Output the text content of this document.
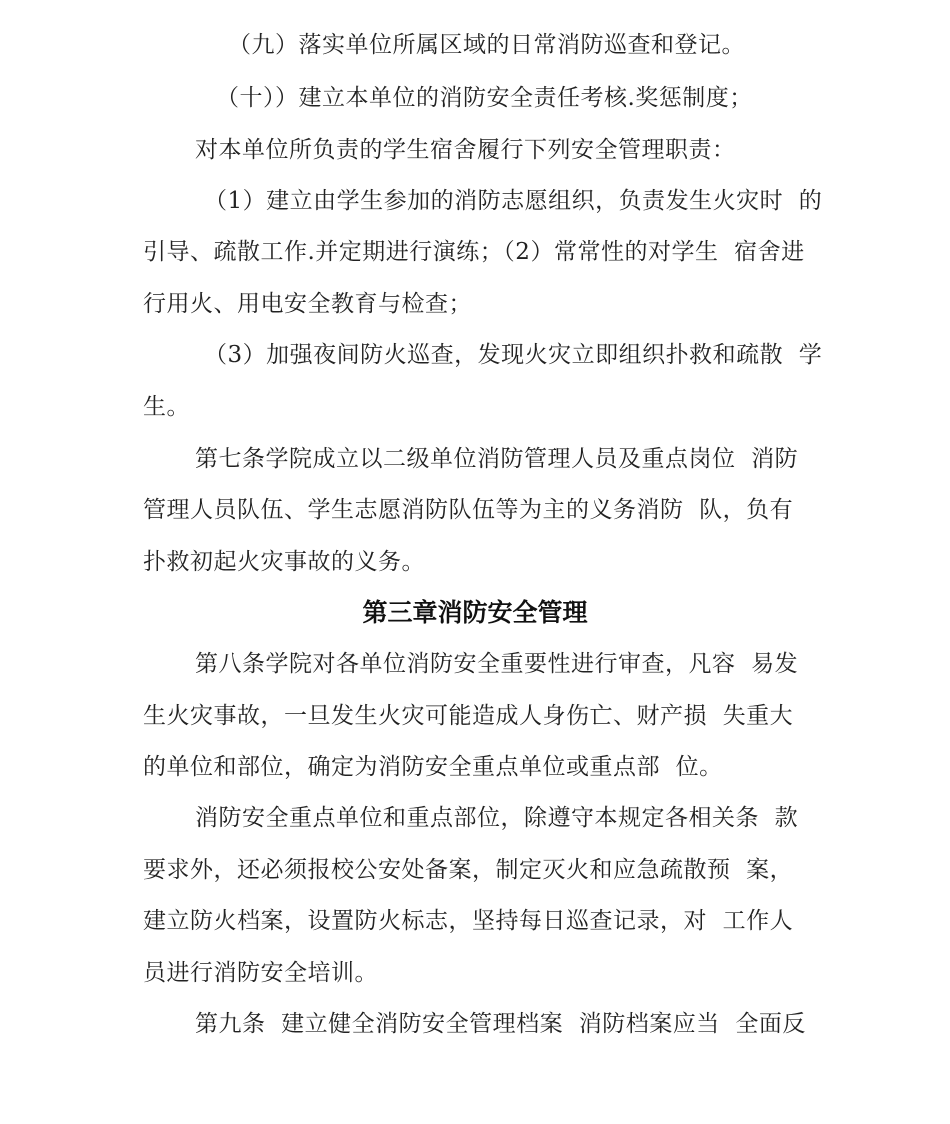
（九）落实单位所属区域的日常消防巡查和登记。
（十））建立本单位的消防安全责任考核.奖惩制度；
对本单位所负责的学生宿舍履行下列安全管理职责：
（1）建立由学生参加的消防志愿组织，负责发生火灾时  的
引导、疏散工作.并定期进行演练；（2）常常性的对学生  宿舍进
行用火、用电安全教育与检查；
（3）加强夜间防火巡查，发现火灾立即组织扑救和疏散  学
生。
第七条学院成立以二级单位消防管理人员及重点岗位  消防
管理人员队伍、学生志愿消防队伍等为主的义务消防  队，负有
扑救初起火灾事故的义务。
第三章消防安全管理
第八条学院对各单位消防安全重要性进行审查，凡容  易发
生火灾事故，一旦发生火灾可能造成人身伤亡、财产损  失重大
的单位和部位，确定为消防安全重点单位或重点部  位。
消防安全重点单位和重点部位，除遵守本规定各相关条  款
要求外，还必须报校公安处备案，制定灭火和应急疏散预  案，
建立防火档案，设置防火标志，坚持每日巡查记录，对  工作人
员进行消防安全培训。
第九条  建立健全消防安全管理档案  消防档案应当  全面反
